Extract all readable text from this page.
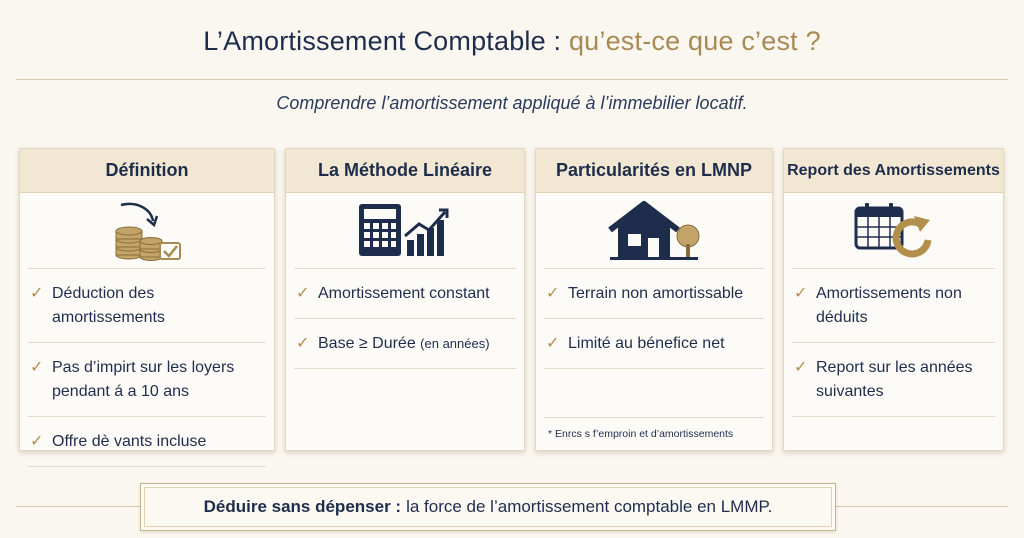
L’Amortissement Comptable : qu’est-ce que c’est ?
Comprendre l’amortissement appliqué à l’immebilier locatif.
Définition
✓ Déduction des amortissements
✓ Pas d’impirt sur les loyers pendant á a 10 ans
✓ Offre dè vants incluse
La Méthode Linéaire
✓ Amortissement constant
✓ Base ≥ Durée (en années)
Particularités en LMNP
✓ Terrain non amortissable
✓ Limité au bénefice net
* Enrcs s f’emproin et d’amortissements
Report des Amortissements
✓ Amortissements non déduits
✓ Report sur les années suivantes
Déduire sans dépenser : la force de l’amortissement comptable en LMMP.
